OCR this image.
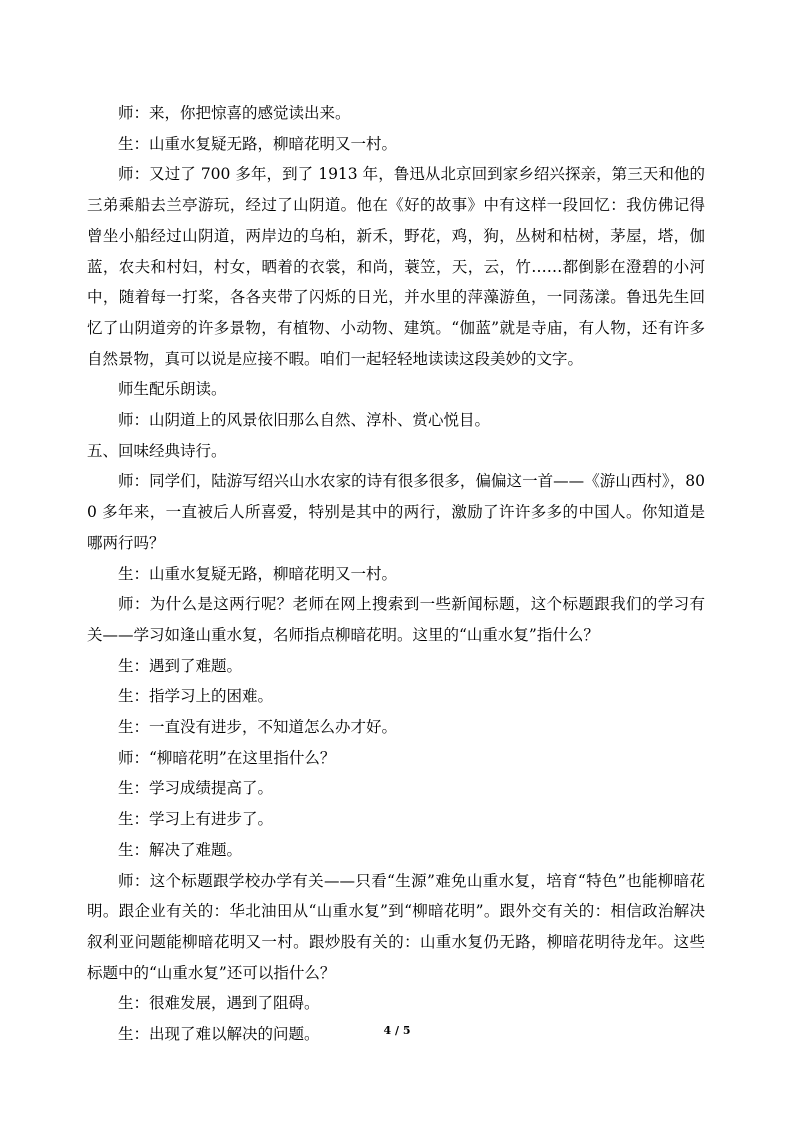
师：来，你把惊喜的感觉读出来。

生：山重水复疑无路，柳暗花明又一村。

师：又过了 700 多年，到了 1913 年，鲁迅从北京回到家乡绍兴探亲，第三天和他的三弟乘船去兰亭游玩，经过了山阴道。他在《好的故事》中有这样一段回忆：我仿佛记得曾坐小船经过山阴道，两岸边的乌桕，新禾，野花，鸡，狗，丛树和枯树，茅屋，塔，伽蓝，农夫和村妇，村女，晒着的衣裳，和尚，蓑笠，天，云，竹……都倒影在澄碧的小河中，随着每一打桨，各各夹带了闪烁的日光，并水里的萍藻游鱼，一同荡漾。鲁迅先生回忆了山阴道旁的许多景物，有植物、小动物、建筑。“伽蓝”就是寺庙，有人物，还有许多自然景物，真可以说是应接不暇。咱们一起轻轻地读读这段美妙的文字。

师生配乐朗读。

师：山阴道上的风景依旧那么自然、淳朴、赏心悦目。

五、回味经典诗行。

师：同学们，陆游写绍兴山水农家的诗有很多很多，偏偏这一首——《游山西村》，800 多年来，一直被后人所喜爱，特别是其中的两行，激励了许许多多的中国人。你知道是哪两行吗？

生：山重水复疑无路，柳暗花明又一村。

师：为什么是这两行呢？老师在网上搜索到一些新闻标题，这个标题跟我们的学习有关——学习如逢山重水复，名师指点柳暗花明。这里的“山重水复”指什么？

生：遇到了难题。

生：指学习上的困难。

生：一直没有进步，不知道怎么办才好。

师：“柳暗花明”在这里指什么？

生：学习成绩提高了。

生：学习上有进步了。

生：解决了难题。

师：这个标题跟学校办学有关——只看“生源”难免山重水复，培育“特色”也能柳暗花明。跟企业有关的：华北油田从“山重水复”到“柳暗花明”。跟外交有关的：相信政治解决叙利亚问题能柳暗花明又一村。跟炒股有关的：山重水复仍无路，柳暗花明待龙年。这些标题中的“山重水复”还可以指什么？

生：很难发展，遇到了阻碍。

生：出现了难以解决的问题。	4 / 5
